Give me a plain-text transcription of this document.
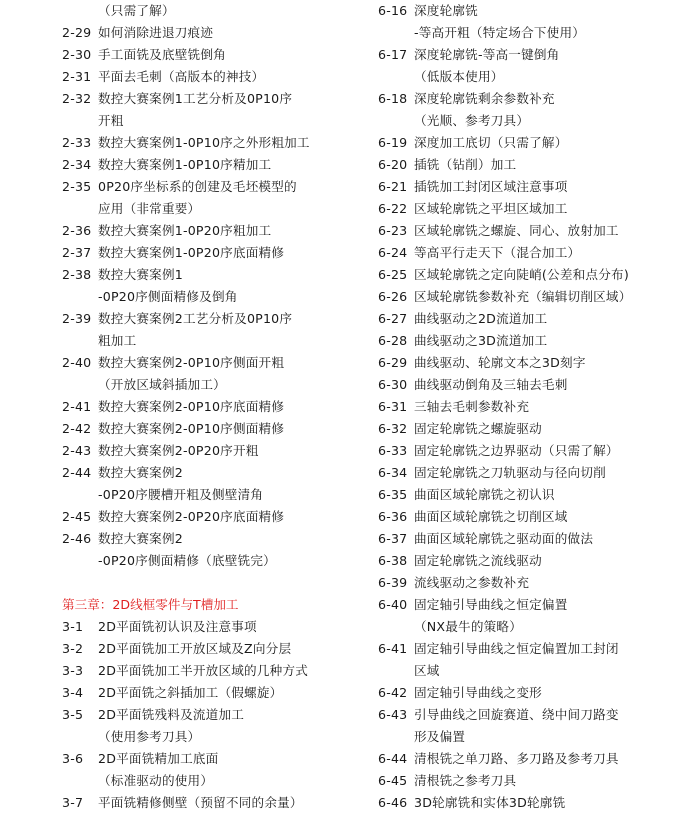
（只需了解）
2-29 如何消除进退刀痕迹
2-30 手工面铣及底壁铣倒角
2-31 平面去毛刺（高版本的神技）
2-32 数控大赛案例1工艺分析及0P10序
开粗
2-33 数控大赛案例1-0P10序之外形粗加工
2-34 数控大赛案例1-0P10序精加工
2-35 0P20序坐标系的创建及毛坯模型的
应用（非常重要）
2-36 数控大赛案例1-0P20序粗加工
2-37 数控大赛案例1-0P20序底面精修
2-38 数控大赛案例1
-0P20序侧面精修及倒角
2-39 数控大赛案例2工艺分析及0P10序
粗加工
2-40 数控大赛案例2-0P10序侧面开粗
（开放区域斜插加工）
2-41 数控大赛案例2-0P10序底面精修
2-42 数控大赛案例2-0P10序侧面精修
2-43 数控大赛案例2-0P20序开粗
2-44 数控大赛案例2
-0P20序腰槽开粗及侧壁清角
2-45 数控大赛案例2-0P20序底面精修
2-46 数控大赛案例2
-0P20序侧面精修（底壁铣完）
第三章：2D线框零件与T槽加工
3-1	2D平面铣初认识及注意事项
3-2	2D平面铣加工开放区域及Z向分层
3-3	2D平面铣加工半开放区域的几种方式
3-4	2D平面铣之斜插加工（假螺旋）
3-5	2D平面铣残料及流道加工
（使用参考刀具）
3-6	2D平面铣精加工底面
（标准驱动的使用）
3-7	平面铣精修侧壁（预留不同的余量）
6-16 深度轮廓铣
-等高开粗（特定场合下使用）
6-17 深度轮廓铣-等高一键倒角
（低版本使用）
6-18 深度轮廓铣剩余参数补充
（光顺、参考刀具）
6-19 深度加工底切（只需了解）
6-20 插铣（钻削）加工
6-21 插铣加工封闭区域注意事项
6-22 区域轮廓铣之平坦区域加工
6-23 区域轮廓铣之螺旋、同心、放射加工
6-24 等高平行走天下（混合加工）
6-25 区域轮廓铣之定向陡峭(公差和点分布)
6-26 区域轮廓铣参数补充（编辑切削区域）
6-27 曲线驱动之2D流道加工
6-28 曲线驱动之3D流道加工
6-29 曲线驱动、轮廓文本之3D刻字
6-30 曲线驱动倒角及三轴去毛刺
6-31 三轴去毛刺参数补充
6-32 固定轮廓铣之螺旋驱动
6-33 固定轮廓铣之边界驱动（只需了解）
6-34 固定轮廓铣之刀轨驱动与径向切削
6-35 曲面区域轮廓铣之初认识
6-36 曲面区域轮廓铣之切削区域
6-37 曲面区域轮廓铣之驱动面的做法
6-38 固定轮廓铣之流线驱动
6-39 流线驱动之参数补充
6-40 固定轴引导曲线之恒定偏置
（NX最牛的策略）
6-41 固定轴引导曲线之恒定偏置加工封闭
区域
6-42 固定轴引导曲线之变形
6-43 引导曲线之回旋赛道、绕中间刀路变
形及偏置
6-44 清根铣之单刀路、多刀路及参考刀具
6-45 清根铣之参考刀具
6-46 3D轮廓铣和实体3D轮廓铣
